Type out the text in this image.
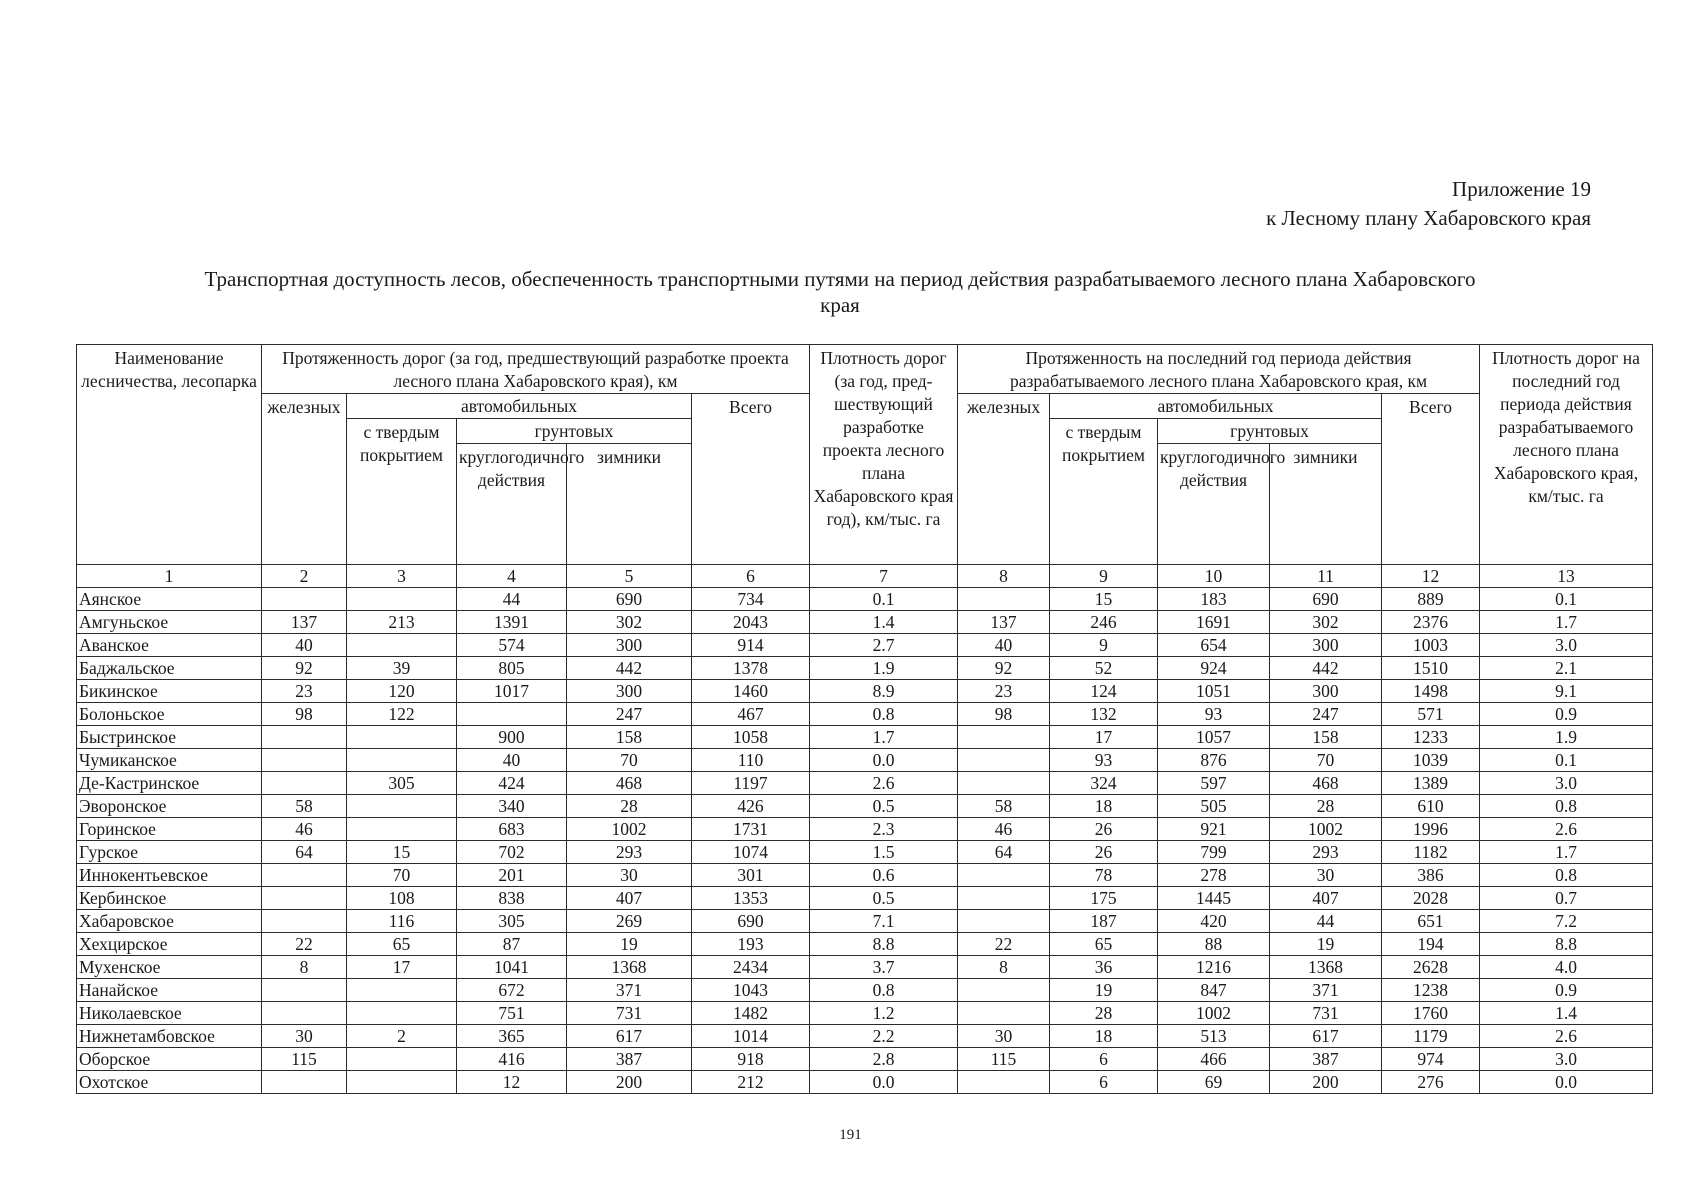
Приложение 19
к Лесному плану Хабаровского края
Транспортная доступность лесов, обеспеченность транспортными путями на период действия разрабатываемого лесного плана Хабаровского
края
Наименование лесничества, лесопарка	Протяженность дорог (за год, предшествующий разработке проекта лесного плана Хабаровского края), км					Плотность дорог (за год, пред-шествующий разработке проекта лесного плана Хабаровского края год), км/тыс. га	Протяженность на последний год периода действия разрабатываемого лесного плана Хабаровского края, км					Плотность дорог на последний год периода действия разрабатываемого лесного плана Хабаровского края, км/тыс. га
	железных	автомобильных			Всего		железных	автомобильных			Всего	
		с твердым покрытием	грунтовых					с твердым покрытием	грунтовых			
			круглогодичного действия	зимники					круглогодичного действия	зимники		
1	2	3	4	5	6	7	8	9	10	11	12	13
Аянское			44	690	734	0.1		15	183	690	889	0.1
Амгуньское	137	213	1391	302	2043	1.4	137	246	1691	302	2376	1.7
Аванское	40		574	300	914	2.7	40	9	654	300	1003	3.0
Баджальское	92	39	805	442	1378	1.9	92	52	924	442	1510	2.1
Бикинское	23	120	1017	300	1460	8.9	23	124	1051	300	1498	9.1
Болоньское	98	122		247	467	0.8	98	132	93	247	571	0.9
Быстринское			900	158	1058	1.7		17	1057	158	1233	1.9
Чумиканское			40	70	110	0.0		93	876	70	1039	0.1
Де-Кастринское		305	424	468	1197	2.6		324	597	468	1389	3.0
Эворонское	58		340	28	426	0.5	58	18	505	28	610	0.8
Горинское	46		683	1002	1731	2.3	46	26	921	1002	1996	2.6
Гурское	64	15	702	293	1074	1.5	64	26	799	293	1182	1.7
Иннокентьевское		70	201	30	301	0.6		78	278	30	386	0.8
Кербинское		108	838	407	1353	0.5		175	1445	407	2028	0.7
Хабаровское		116	305	269	690	7.1		187	420	44	651	7.2
Хехцирское	22	65	87	19	193	8.8	22	65	88	19	194	8.8
Мухенское	8	17	1041	1368	2434	3.7	8	36	1216	1368	2628	4.0
Нанайское			672	371	1043	0.8		19	847	371	1238	0.9
Николаевское			751	731	1482	1.2		28	1002	731	1760	1.4
Нижнетамбовское	30	2	365	617	1014	2.2	30	18	513	617	1179	2.6
Оборское	115		416	387	918	2.8	115	6	466	387	974	3.0
Охотское			12	200	212	0.0		6	69	200	276	0.0
191
